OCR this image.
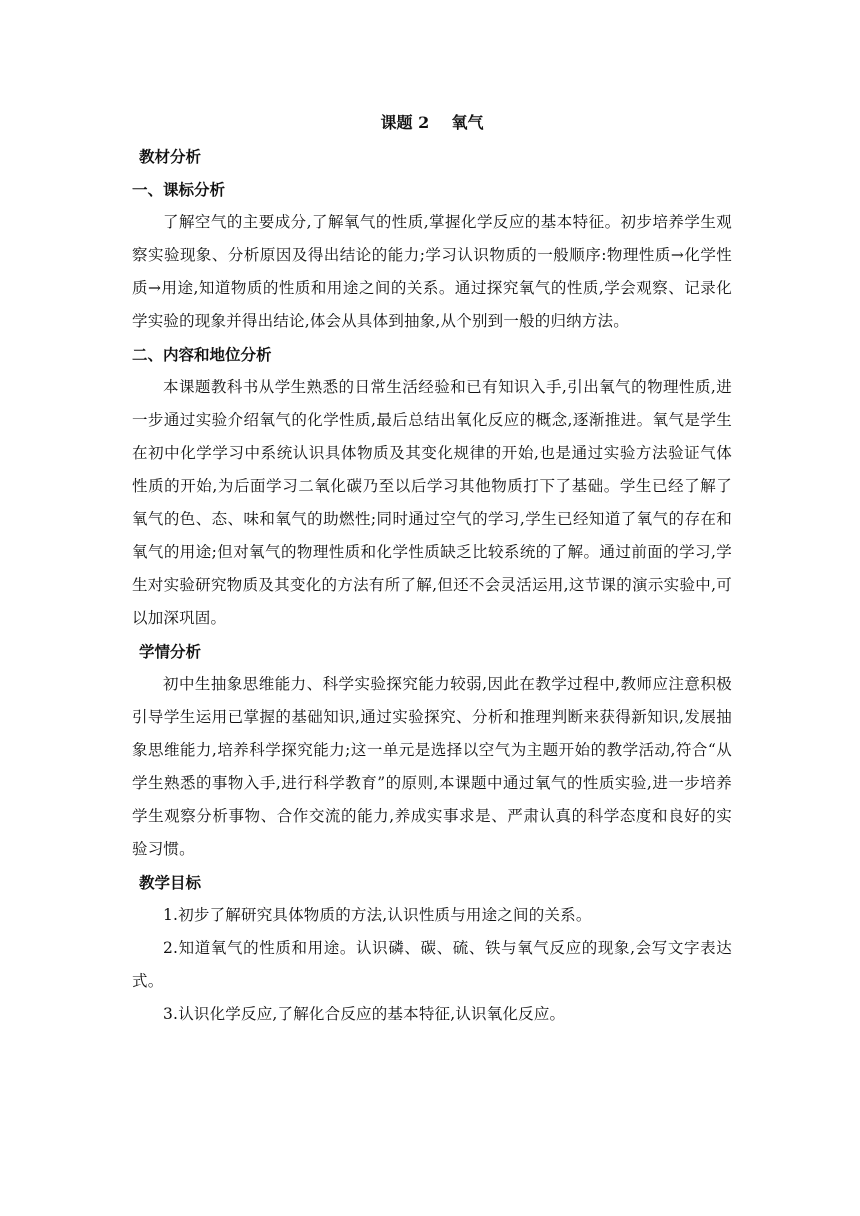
课题 2    氧气
教材分析
一、课标分析

了解空气的主要成分,了解氧气的性质,掌握化学反应的基本特征。初步培养学生观察实验现象、分析原因及得出结论的能力;学习认识物质的一般顺序:物理性质→化学性质→用途,知道物质的性质和用途之间的关系。通过探究氧气的性质,学会观察、记录化学实验的现象并得出结论,体会从具体到抽象,从个别到一般的归纳方法。

二、内容和地位分析

本课题教科书从学生熟悉的日常生活经验和已有知识入手,引出氧气的物理性质,进一步通过实验介绍氧气的化学性质,最后总结出氧化反应的概念,逐渐推进。氧气是学生在初中化学学习中系统认识具体物质及其变化规律的开始,也是通过实验方法验证气体性质的开始,为后面学习二氧化碳乃至以后学习其他物质打下了基础。学生已经了解了氧气的色、态、味和氧气的助燃性;同时通过空气的学习,学生已经知道了氧气的存在和氧气的用途;但对氧气的物理性质和化学性质缺乏比较系统的了解。通过前面的学习,学生对实验研究物质及其变化的方法有所了解,但还不会灵活运用,这节课的演示实验中,可以加深巩固。

学情分析

初中生抽象思维能力、科学实验探究能力较弱,因此在教学过程中,教师应注意积极引导学生运用已掌握的基础知识,通过实验探究、分析和推理判断来获得新知识,发展抽象思维能力,培养科学探究能力;这一单元是选择以空气为主题开始的教学活动,符合“从学生熟悉的事物入手,进行科学教育”的原则,本课题中通过氧气的性质实验,进一步培养学生观察分析事物、合作交流的能力,养成实事求是、严肃认真的科学态度和良好的实验习惯。

教学目标

1.初步了解研究具体物质的方法,认识性质与用途之间的关系。

2.知道氧气的性质和用途。认识磷、碳、硫、铁与氧气反应的现象,会写文字表达式。

3.认识化学反应,了解化合反应的基本特征,认识氧化反应。
